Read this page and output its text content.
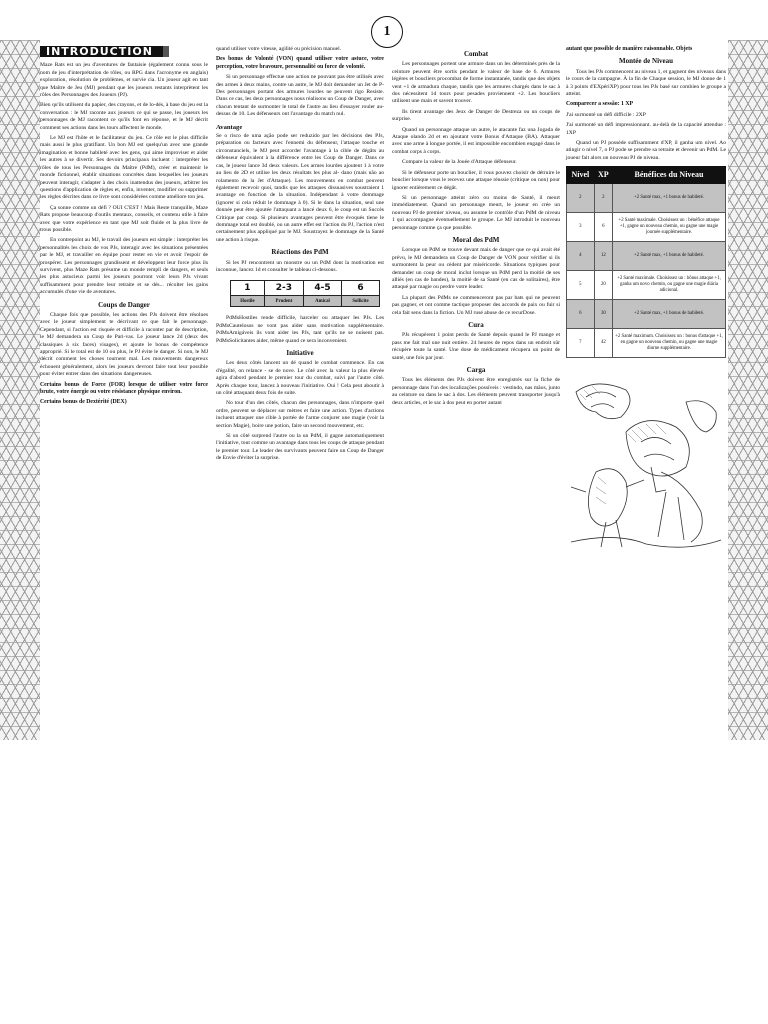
1
INTRODUCTION

Maze Rats est un jeu d'aventures de fantaisie (également connu sous le nom de jeu d'interprétation de rôles, ou RPG dans l'acronyme en anglais) exploration, résolution de problèmes, et survie cia. Un joueur agit en tant que Maître de Jeu (MJ) pendant que les joueurs restants interprètent les rôles des Personnages des Joueurs (PJ).

Bien qu'ils utilisent du papier, des crayons, et de lo-dés, à base du jeu est la conversation : le MJ raconte aux joueurs ce qui se passe, les joueurs les personnages de MJ racontent ce qu'ils font en réponse, et le MJ décrit comment ses actions dans les tours affectent le monde.

Le MJ est l'hôte et le facilitateur du jeu. Ce rôle est le plus difficile mais aussi le plus gratifiant. Un bon MJ est quelqu'un avec une grande imagination et bonne habileté avec les gens, qui aime improviser et aider les autres à se divertir. Ses devoirs principaux incluent : interpréter les rôles de tous les Personnages du Maître (PdM), créer et maintenir le monde fictionnel, établir situations concrètes dans lesquelles les joueurs peuvent interagir, s'adapter à des choix inattendus des joueurs, arbitrer les questions d'application de règles et, enfin, inventer, modifier ou supprimer les règles décrites dans ce livre sont considérées comme améliore ton jeu.

Ça sonne comme un défi ? OUI C'EST ! Mais Reste tranquille, Maze Rats propose beaucoup d'outils mentaux, conseils, et contenu utile à faire avec que votre expérience en tant que MJ soit fluide et la plus livre de trous possible.

En contrepoint au MJ, le travail des joueurs est simple : interpréter les personnalités les choix de vos PJs, interagir avec les situations présentées par le MJ, et travailler en équipe pour rester en vie et avoir l'espoir de prospérer. Les personnages grandissent et développent leur force plus ils survivent, plus Maze Rats présume un monde rempli de dangers, et seuls les plus astucieux parmi les joueurs pourront voir leurs PJs vivant suffisamment pour prendre leur retraite et se dés... récolter les gains accumulés d'une vie de aventures.

Coups de Danger

Chaque fois que possible, les actions des PJs doivent être résolues avec le joueur simplement te décrivant ce que fait le personnage. Cependant, si l'action est risquée et difficile à raconter par de description, le MJ demandera un Coup de Pari-vas. Le joueur lance 2d (deux des classiques à six faces) visages), et ajoute le bonus de compétence approprié. Si le total est de 10 ou plus, le PJ évite le danger. Si non, le MJ décrit comment les choses tournent mal. Les mouvements dangereux échouent généralement, alors les joueurs devront faire tout leur possible pour éviter entrer dans des situations dangereuses.

Certains bonus de Force (FOR) lorsque de utiliser votre force brute, votre énergie ou votre résistance physique environ.

Certains bonus de Dextérité (DEX)

quand utiliser votre vitesse, agilité ou précision manuel.

Des bonus de Volonté (VON) quand utiliser votre astuce, votre perception, votre bravoure, personnalité ou force de volonté.

Si un personnage effectue une action ne pouvant pas être utilisés avec des armes à deux mains, contre un autre, le MJ doit demander un Jet de P- Des personnages portant des armures lourdes ne peuvent rigo Resiste. Dans ce cas, les deux personnages nous réalisons un Coup de Danger, avec chacun tentant de surmonter le total de l'autre au lieu d'essayer rouler au-dessus de 10. Les défenseurs ont l'avantage du match nul.

Avantage

Se o risco de uma ação pode ser reduzido par les décisions des PJs, préparation ou facteurs avec l'ennemi du défenseur, l'attaque touche et circonstanciels, le MJ peut accorder l'avantage à la cible de dégâts au défenseur équivalent à la différence entre les Coup de Danger. Dans ce cas, le joueur lance 3d deux valeurs. Les armes lourdes ajoutent 1 à votre au lieu de 2D et utilise les deux résultats les plus al- dano (mais não ao rolamento de la Jet d'Attaque). Les mouvements en combat peuvent également recevoir quoi, tandis que les attaques dissuasives soustraient 1 avantage en fonction de la situation. Indépendant à votre dommage (ignorer si cela réduit le dommage à 0). Si le dans la situation, seul une donnée peut être ajoutée l'attaquant a lancé deux 6, le coup est un Succès Critique par coup. Si plusieurs avantages peuvent être évoqués tiene le dommage total est doublé, ou un autre effet est l'action du PJ, l'action n'est certainement plus appliqué par le MJ. Soustrayez le dommage de la Santé une action à risque.

Réactions des PdM

Si les PJ rencontrent un monstre ou un PdM dont la motivation est inconnue, lancez 1d et consulter le tableau ci-dessous.

1	2-3	4-5	6
Hostile	Prudent	Amical	Sollicite

PdMsHostiles rende difficile, harceler ou attaquer les PJs. Les PdMsCautelosos ne vont pas aider sans motivation supplémentaire. PdMsAmigáveis ils vont aider les PJs, tant qu'ils ne se nuisent pas. PdMsSolicitantes aider, même quand ce sera inconvenient.

Initiative

Les deux côtés lancent un dé quand le combat commence. En cas d'égalité, on relance - se de nove. Le côté avec la valeur la plus élevée agira d'abord pendant le premier tour du combat, suivi par l'autre côté. Après chaque tour, lancez à nouveau l'initiative. Oui ! Cela peut aboutir à un côté attaquant deux fois de suite.

No tour d'un des côtés, chacun des personnages, dans n'importe quel ordre, peuvent se déplacer sur mètres et faire une action. Types d'actions incluent attaquer une cible à portée de l'arme conjurer une magie (voir la section Magie), boire une potion, faire un second mouvement, etc.

Si un côté surprend l'autre ou la un PdM, il gagne automatiquement l'initiative, tout comme un avantage dans tous les coups de attaque pendant le premier tour. Le leader des survivants peuvent faire un Coup de Danger de Envie d'éviter la surprise.

Combat

Les personnages portent une armure dans un les déterminés près de la ceinture peuvent être sortis pendant le valeur de base de 6. Armures légères et boucliers procombat de forme instantanée, tandis que des objets vent +1 de armadura chaque, tandis que les armures chargés dans le sac à dos nécessitent 1d tours pour pesades proviennent +2. Les boucliers utilisent une main et savent trouver.

Ils tirent avantage des Jeux de Danger de Destreza ou un coups de surprise.

Quand un personnage attaque un autre, le atacante faz una Jogada de Ataque olando 2d et en ajoutant votre Bonus d'Attaque (BA). Attaquer avec une arme à longue portée, il est impossible encombien engagé dans le combat corps à corps.

Compare la valeur de la Jouée d'Attaque défenseur.

Si le défenseur porte un bouclier, il vous pouvez choisir de détruire le bouclier lorsque vous le recevez une attaque réussie (critique ou non) pour ignorer entièrement ce dégât.

Si un personnage atteint zéro ou moins de Santé, il meurt immédiatement. Quand un personnage meurt, le joueur en crée un nouveau PJ de premier niveau, ou assume le contrôle d'un PdM de niveau 1 qui accompagne éventuellement le groupe. Le MJ introduit le nouveau personnage comme ça que possible.

Moral des PdM

Lorsque un PdM se trouve devant mais de danger que ce qui avait été prévu, le MJ demandera un Coup de Danger de VON pour vérifier si ils surmontent la peur ou cèdent par miséricorde. Situations typiques pour demander un coup de moral inclut lorsque un PdM perd la moitié de ses alliés (en cas de bandes), la moitié de sa Santé (en cas de solitaires), être attaqué par magie ou perdre votre leader.

La plupart des PdMs ne commenceront pas par bats qui ne peuvent pas gagner, et ont comme tactique proposer des accords de paix ou fuir si cela fait sens dans la fiction. Un MJ rusé abuse de ce recurDose.

Cura

PJs récupèrent 1 point perdu de Santé depuis quand le PJ mange et pass me fait mal une nuit entière. 24 heures de repos dans un endroit sûr récupère toute la santé. Une dose de médicament récupera un point de santé, une fois par jour.

Carga

Tous les éléments des PJs doivent être enregistrés sur la fiche de personnage dans l'un des localizações possíveis : vestindo, nas mãos, junto au ceinture ou dans le sac à dos. Les éléments peuvent transporter jusqu'à deux articles, et le sac à dos peut en porter autant

autant que possible de manière raisonnable. Objets

Montée de Niveau

Tous les PJs commencent au niveau 1, et gagnent des niveaux dans le cours de la campagne. À la fin de Chaque session, le MJ donne de 1 à 3 points d'EXpériXP) pour tous les PJs basé sur combien le groupe a atteint.

Comparecer a sessão: 1 XP

J'ai surmonté un défi difficile : 2XP

J'ai surmonté un défi impressionnant. au-delà de la capacité attendue : 1XP

Quand un PJ possède suffisamment d'XP, il ganha um nível. Ao atingir o nível 7, o PJ pode se prendre sa retraite et devenir un PdM. Le joueur fait alors un nouveau PJ de niveau.

Nível	XP	Bénéfices du Niveau
2	2	+2 Santé max, +1 bonus de habileté.
3	6	+2 Santé maximale. Choisissez un : bénéfice attaque +1, gagne un nouveau chemin, ou gagne une magie journée supplémentaire.
4	12	+2 Santé max, +1 bonus de habileté.
5	20	+2 Santé maximale. Choisissez un : bônus attaque +1, ganha um novo chemin, ou gagne une magie diária adicional.
6	30	+2 Santé max, +1 bonus de habileté.
7	42	+2 Santé maximum. Choisissez un : bonus d'attaque +1, en gagne un nouveau chemin, ou gagne une magie diurne supplémentaire.
